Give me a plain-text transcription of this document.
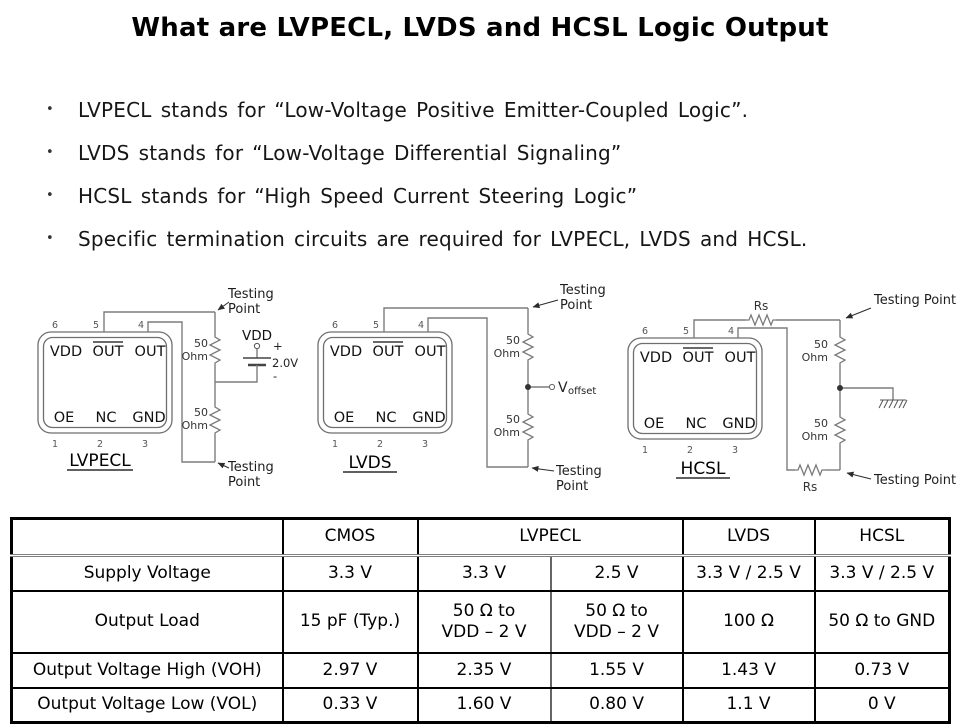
What are LVPECL, LVDS and HCSL Logic Output
•	LVPECL stands for “Low-Voltage Positive Emitter-Coupled Logic”.
•	LVDS stands for “Low-Voltage Differential Signaling”
•	HCSL stands for “High Speed Current Steering Logic”
•	Specific termination circuits are required for LVPECL, LVDS and HCSL.
6	5	4
1	2	3
VDD OUT OUT
OE NC GND
50
Ohm
50
Ohm
VDD
+
2.0V
-
Testing
Point
Testing
Point
LVPECL
6	5	4
1	2	3
VDD OUT OUT
OE NC GND
50
Ohm
50
Ohm
V offset
Testing
Point
Testing
Point
LVDS
6	5	4
1	2	3
VDD OUT OUT
OE NC GND
Rs
Rs
50
Ohm
50
Ohm
Testing Point
Testing Point
HCSL
	CMOS	LVPECL		LVDS	HCSL
Supply Voltage	3.3 V	3.3 V	2.5 V	3.3 V / 2.5 V	3.3 V / 2.5 V
Output Load	15 pF (Typ.)	50 Ω to
VDD – 2 V	50 Ω to
VDD – 2 V	100 Ω	50 Ω to GND
Output Voltage High (VOH)	2.97 V	2.35 V	1.55 V	1.43 V	0.73 V
Output Voltage Low (VOL)	0.33 V	1.60 V	0.80 V	1.1 V	0 V
